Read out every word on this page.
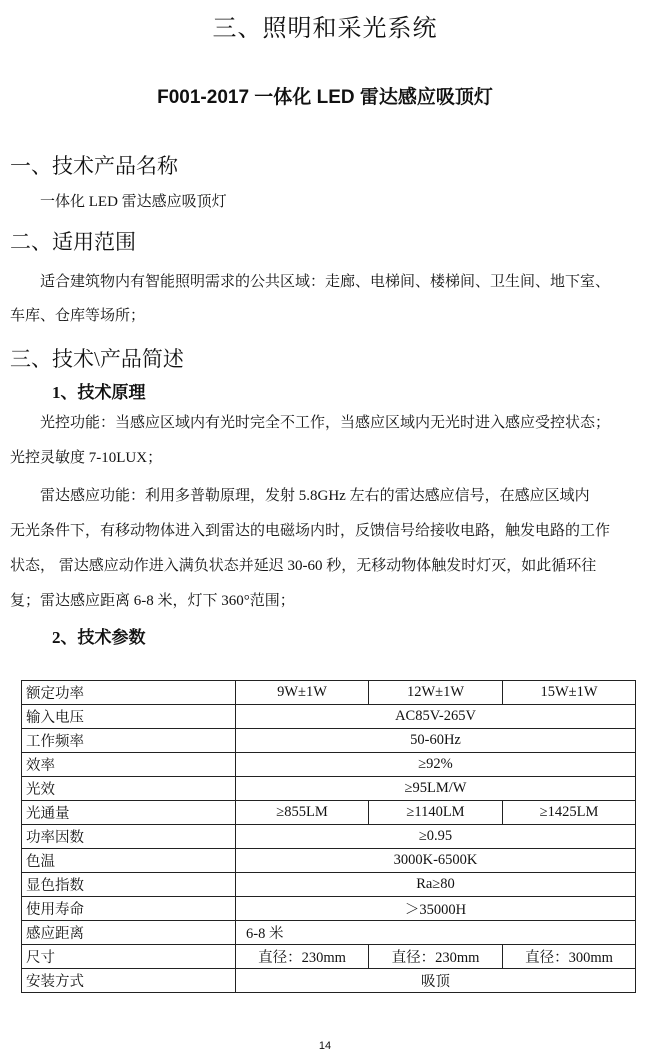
三、照明和采光系统
F001-2017 一体化 LED 雷达感应吸顶灯
一、技术产品名称
一体化 LED 雷达感应吸顶灯
二、适用范围
适合建筑物内有智能照明需求的公共区域：走廊、电梯间、楼梯间、卫生间、地下室、
车库、仓库等场所；
三、技术\产品简述
1、技术原理
光控功能：当感应区域内有光时完全不工作，当感应区域内无光时进入感应受控状态；
光控灵敏度 7-10LUX；
雷达感应功能：利用多普勒原理，发射 5.8GHz 左右的雷达感应信号，在感应区域内
无光条件下，有移动物体进入到雷达的电磁场内时，反馈信号给接收电路，触发电路的工作
状态， 雷达感应动作进入满负状态并延迟 30-60 秒，无移动物体触发时灯灭，如此循环往
复；雷达感应距离 6-8 米，灯下 360°范围；
2、技术参数
额定功率	9W±1W	12W±1W	15W±1W
输入电压	AC85V-265V		
工作频率	50-60Hz		
效率	≥92%		
光效	≥95LM/W		
光通量	≥855LM	≥1140LM	≥1425LM
功率因数	≥0.95		
色温	3000K-6500K		
显色指数	Ra≥80		
使用寿命	＞35000H		
感应距离	6-8 米		
尺寸	直径：230mm	直径：230mm	直径：300mm
安装方式	吸顶		
14
